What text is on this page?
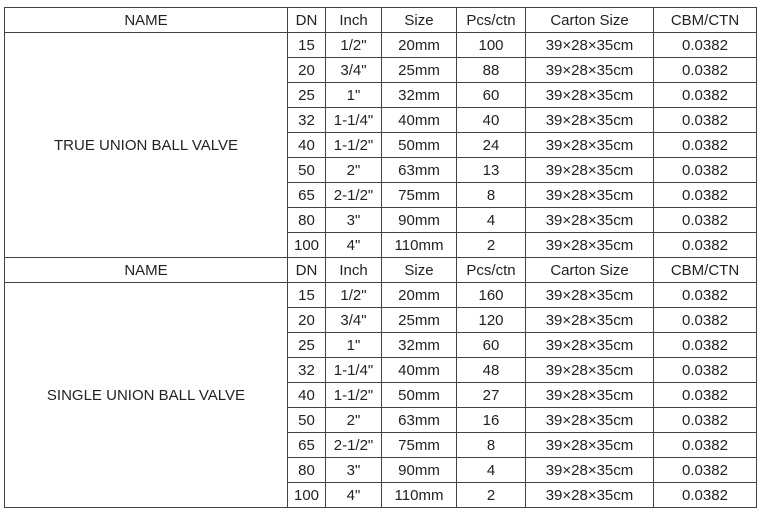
NAME	DN	Inch	Size	Pcs/ctn	Carton Size	CBM/CTN
TRUE UNION BALL VALVE	15	1/2"	20mm	100	39×28×35cm	0.0382
	20	3/4"	25mm	88	39×28×35cm	0.0382
	25	1"	32mm	60	39×28×35cm	0.0382
	32	1-1/4"	40mm	40	39×28×35cm	0.0382
	40	1-1/2"	50mm	24	39×28×35cm	0.0382
	50	2"	63mm	13	39×28×35cm	0.0382
	65	2-1/2"	75mm	8	39×28×35cm	0.0382
	80	3"	90mm	4	39×28×35cm	0.0382
	100	4"	110mm	2	39×28×35cm	0.0382
NAME	DN	Inch	Size	Pcs/ctn	Carton Size	CBM/CTN
SINGLE UNION BALL VALVE	15	1/2"	20mm	160	39×28×35cm	0.0382
	20	3/4"	25mm	120	39×28×35cm	0.0382
	25	1"	32mm	60	39×28×35cm	0.0382
	32	1-1/4"	40mm	48	39×28×35cm	0.0382
	40	1-1/2"	50mm	27	39×28×35cm	0.0382
	50	2"	63mm	16	39×28×35cm	0.0382
	65	2-1/2"	75mm	8	39×28×35cm	0.0382
	80	3"	90mm	4	39×28×35cm	0.0382
	100	4"	110mm	2	39×28×35cm	0.0382
